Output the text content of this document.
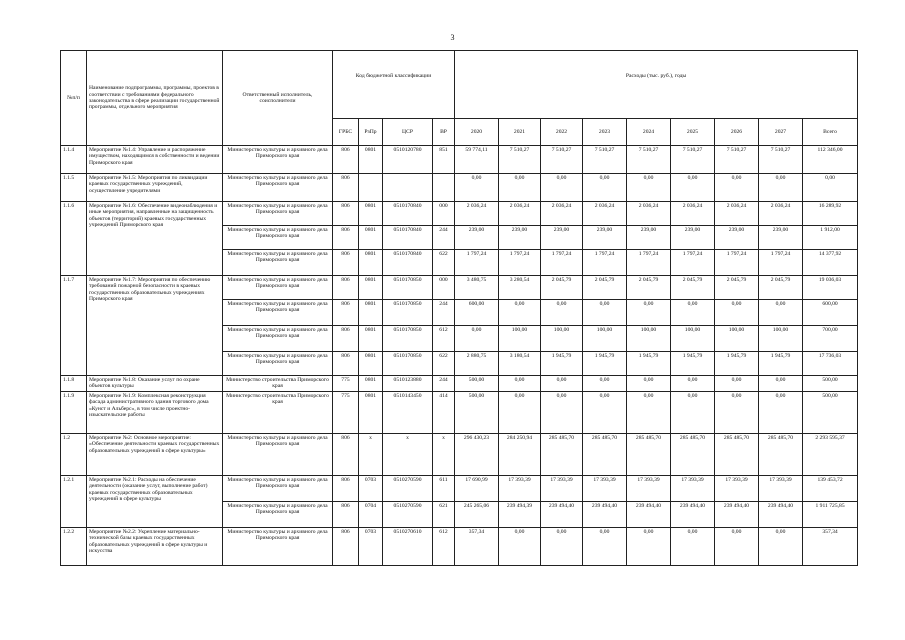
3
№п/п	Наименование подпрограммы, программы, проектов в соответствии с требованиями федерального законодательства в сфере реализации государственной программы, отдельного мероприятия	Ответственный исполнитель, соисполнители	Код бюджетной классификации				Расходы (тыс. руб.), годы								
			ГРБС	РзПр	ЦСР	ВР	2020	2021	2022	2023	2024	2025	2026	2027	Всего
1.1.4	Мероприятие №1.4: Управление и распоряжение имуществом, находящимся в собственности и ведении Приморского края	Министерство культуры и архивного дела Приморского края	806	0801	0510120780	851	59 774,11	7 510,27	7 510,27	7 510,27	7 510,27	7 510,27	7 510,27	7 510,27	112 346,00
1.1.5	Мероприятие №1.5: Мероприятия по ликвидации краевых государственных учреждений, осуществление учредителями	Министерство культуры и архивного дела Приморского края	806				0,00	0,00	0,00	0,00	0,00	0,00	0,00	0,00	0,00
1.1.6	Мероприятие №1.6: Обеспечение видеонаблюдения и иные мероприятия, направленные на защищенность объектов (территорий) краевых государственных учреждений Приморского края	Министерство культуры и архивного дела Приморского края	806	0801	0510170840	000	2 036,24	2 036,24	2 036,24	2 036,24	2 036,24	2 036,24	2 036,24	2 036,24	16 289,92
		Министерство культуры и архивного дела Приморского края	806	0801	0510170840	244	239,00	239,00	239,00	239,00	239,00	239,00	239,00	239,00	1 912,00
		Министерство культуры и архивного дела Приморского края	806	0801	0510170840	622	1 797,24	1 797,24	1 797,24	1 797,24	1 797,24	1 797,24	1 797,24	1 797,24	14 377,92
1.1.7	Мероприятие №1.7: Мероприятия по обеспечению требований пожарной безопасности в краевых государственных образовательных учреждениях Приморского края	Министерство культуры и архивного дела Приморского края	806	0801	0510170850	000	3 480,75	3 280,54	2 045,79	2 045,79	2 045,79	2 045,79	2 045,79	2 045,79	19 036,03
		Министерство культуры и архивного дела Приморского края	806	0801	0510170850	244	600,00	0,00	0,00	0,00	0,00	0,00	0,00	0,00	600,00
		Министерство культуры и архивного дела Приморского края	806	0801	0510170850	612	0,00	100,00	100,00	100,00	100,00	100,00	100,00	100,00	700,00
		Министерство культуры и архивного дела Приморского края	806	0801	0510170850	622	2 880,75	3 180,54	1 945,79	1 945,79	1 945,79	1 945,79	1 945,79	1 945,79	17 736,03
1.1.8	Мероприятие №1.8: Оказание услуг по охране объектов культуры	Министерство строительства Приморского края	775	0801	0510123880	244	500,00	0,00	0,00	0,00	0,00	0,00	0,00	0,00	500,00
1.1.9	Мероприятие №1.9: Комплексная реконструкция фасада административного здания торгового дома «Кунст и Альберс», в том числе проектно-изыскательские работы	Министерство строительства Приморского края	775	0801	0510143450	414	500,00	0,00	0,00	0,00	0,00	0,00	0,00	0,00	500,00
1.2	Мероприятие №2: Основное мероприятие: «Обеспечение деятельности краевых государственных образовательных учреждений в сфере культуры»	Министерство культуры и архивного дела Приморского края	806	x	x	x	296 430,23	284 250,94	285 485,70	285 485,70	285 485,70	285 485,70	285 485,70	285 485,70	2 293 595,37
1.2.1	Мероприятие №2.1: Расходы на обеспечение деятельности (оказание услуг, выполнение работ) краевых государственных образовательных учреждений в сфере культуры	Министерство культуры и архивного дела Приморского края	806	0703	0510270590	611	17 690,99	17 393,39	17 393,39	17 393,39	17 393,39	17 393,39	17 393,39	17 393,39	139 453,72
		Министерство культуры и архивного дела Приморского края	806	0704	0510270590	621	245 265,06	239 494,39	239 494,40	239 494,40	239 494,40	239 494,40	239 494,40	239 494,40	1 911 725,85
1.2.2	Мероприятие №2.2: Укрепление материально-технической базы краевых государственных образовательных учреждений в сфере культуры и искусства	Министерство культуры и архивного дела Приморского края	806	0703	0510270610	612	357,34	0,00	0,00	0,00	0,00	0,00	0,00	0,00	357,34
